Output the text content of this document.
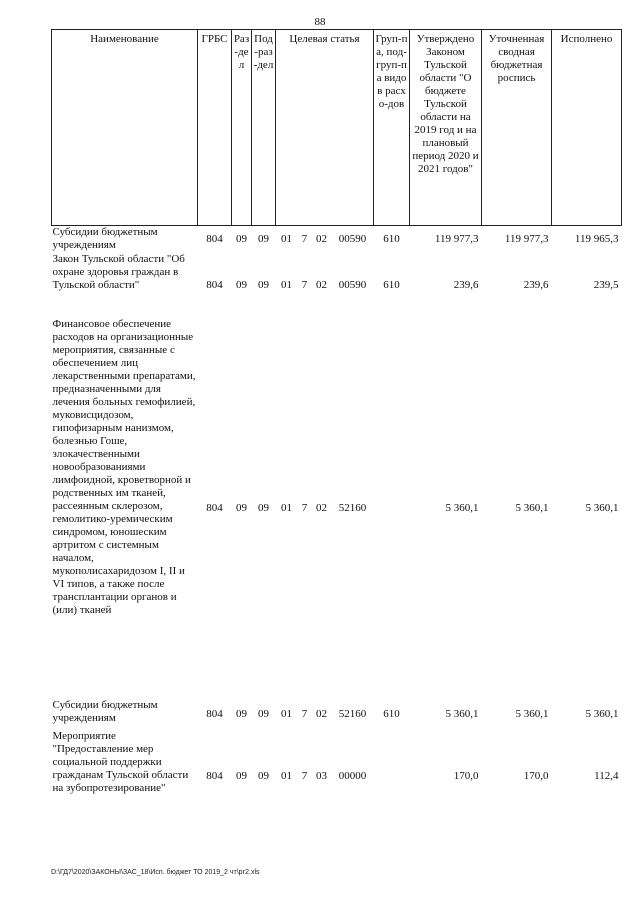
88
Наименование	ГРБС	Раз-дел	Под-раз-дел	Целевая статья				Груп-па, под-груп-па видов расхо-дов	Утверждено Законом Тульской области "О бюджете Тульской области на 2019 год и на плановый период 2020 и 2021 годов"	Уточненная сводная бюджетная роспись	Исполнено
Субсидии бюджетным учреждениям	804	09	09	01	7	02	00590	610	119 977,3	119 977,3	119 965,3
Закон Тульской области "Об охране здоровья граждан в Тульской области"	804	09	09	01	7	02	00590	610	239,6	239,6	239,5
Финансовое обеспечение расходов на организационные мероприятия, связанные с обеспечением лиц лекарственными препаратами, предназначенными для лечения больных гемофилией, муковисцидозом, гипофизарным нанизмом, болезнью Гоше, злокачественными новообразованиями лимфоидной, кроветворной и родственных им тканей, рассеянным склерозом, гемолитико-уремическим синдромом, юношеским артритом с системным началом, мукополисахаридозом I, II и VI типов, а также после трансплантации органов и (или) тканей	804	09	09	01	7	02	52160		5 360,1	5 360,1	5 360,1
Субсидии бюджетным учреждениям	804	09	09	01	7	02	52160	610	5 360,1	5 360,1	5 360,1
Мероприятие "Предоставление мер социальной поддержки гражданам Тульской области на зубопротезирование"	804	09	09	01	7	03	00000		170,0	170,0	112,4
D:\ГД7\2020\ЗАКОНЫ\ЗАС_18\Исп. бюджет ТО 2019_2 чт\рг2.xls
